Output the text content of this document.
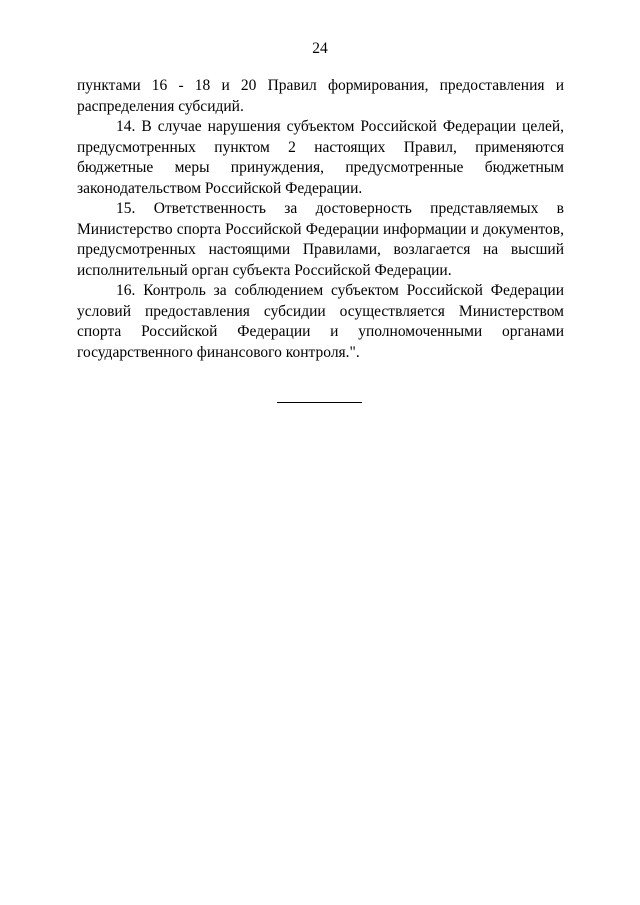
24

пунктами 16 - 18 и 20 Правил формирования, предоставления и распределения субсидий.

14. В случае нарушения субъектом Российской Федерации целей, предусмотренных пунктом 2 настоящих Правил, применяются бюджетные меры принуждения, предусмотренные бюджетным законодательством Российской Федерации.

15. Ответственность за достоверность представляемых в Министерство спорта Российской Федерации информации и документов, предусмотренных настоящими Правилами, возлагается на высший исполнительный орган субъекта Российской Федерации.

16. Контроль за соблюдением субъектом Российской Федерации условий предоставления субсидии осуществляется Министерством спорта Российской Федерации и уполномоченными органами государственного финансового контроля.".
